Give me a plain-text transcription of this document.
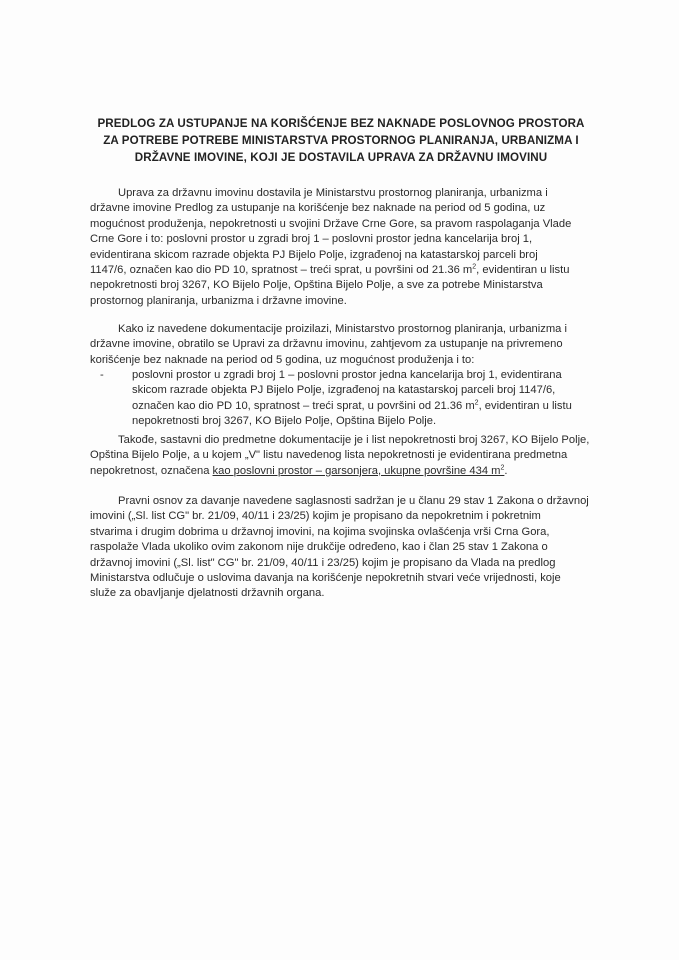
PREDLOG ZA USTUPANJE NA KORIŠĆENJE BEZ NAKNADE POSLOVNOG PROSTORA
ZA POTREBE POTREBE MINISTARSTVA PROSTORNOG PLANIRANJA, URBANIZMA I
DRŽAVNE IMOVINE, KOJI JE DOSTAVILA UPRAVA ZA DRŽAVNU IMOVINU
Uprava za državnu imovinu dostavila je Ministarstvu prostornog planiranja, urbanizma i
državne imovine Predlog za ustupanje na korišćenje bez naknade na period od 5 godina, uz
mogućnost produženja, nepokretnosti u svojini Države Crne Gore, sa pravom raspolaganja Vlade
Crne Gore i to: poslovni prostor u zgradi broj 1 – poslovni prostor jedna kancelarija broj 1,
evidentirana skicom razrade objekta PJ Bijelo Polje, izgrađenoj na katastarskoj parceli broj
1147/6, označen kao dio PD 10, spratnost – treći sprat, u površini od 21.36 $m^2$, evidentiran u listu
nepokretnosti broj 3267, KO Bijelo Polje, Opština Bijelo Polje, a sve za potrebe Ministarstva
prostornog planiranja, urbanizma i državne imovine.
Kako iz navedene dokumentacije proizilazi, Ministarstvo prostornog planiranja, urbanizma i
državne imovine, obratilo se Upravi za državnu imovinu, zahtjevom za ustupanje na privremeno
korišćenje bez naknade na period od 5 godina, uz mogućnost produženja i to:
-	poslovni prostor u zgradi broj 1 – poslovni prostor jedna kancelarija broj 1, evidentirana
skicom razrade objekta PJ Bijelo Polje, izgrađenoj na katastarskoj parceli broj 1147/6,
označen kao dio PD 10, spratnost – treći sprat, u površini od 21.36 $m^2$, evidentiran u listu
nepokretnosti broj 3267, KO Bijelo Polje, Opština Bijelo Polje.
Takođe, sastavni dio predmetne dokumentacije je i list nepokretnosti broj 3267, KO Bijelo Polje,
Opština Bijelo Polje, a u kojem „V" listu navedenog lista nepokretnosti je evidentirana predmetna
nepokretnost, označena kao poslovni prostor – garsonjera, ukupne površine 434 $m^2$.
Pravni osnov za davanje navedene saglasnosti sadržan je u članu 29 stav 1 Zakona o državnoj
imovini („Sl. list CG" br. 21/09, 40/11 i 23/25) kojim je propisano da nepokretnim i pokretnim
stvarima i drugim dobrima u državnoj imovini, na kojima svojinska ovlašćenja vrši Crna Gora,
raspolaže Vlada ukoliko ovim zakonom nije drukčije određeno, kao i član 25 stav 1 Zakona o
državnoj imovini („Sl. list" CG" br. 21/09, 40/11 i 23/25) kojim je propisano da Vlada na predlog
Ministarstva odlučuje o uslovima davanja na korišćenje nepokretnih stvari veće vrijednosti, koje
služe za obavljanje djelatnosti državnih organa.
